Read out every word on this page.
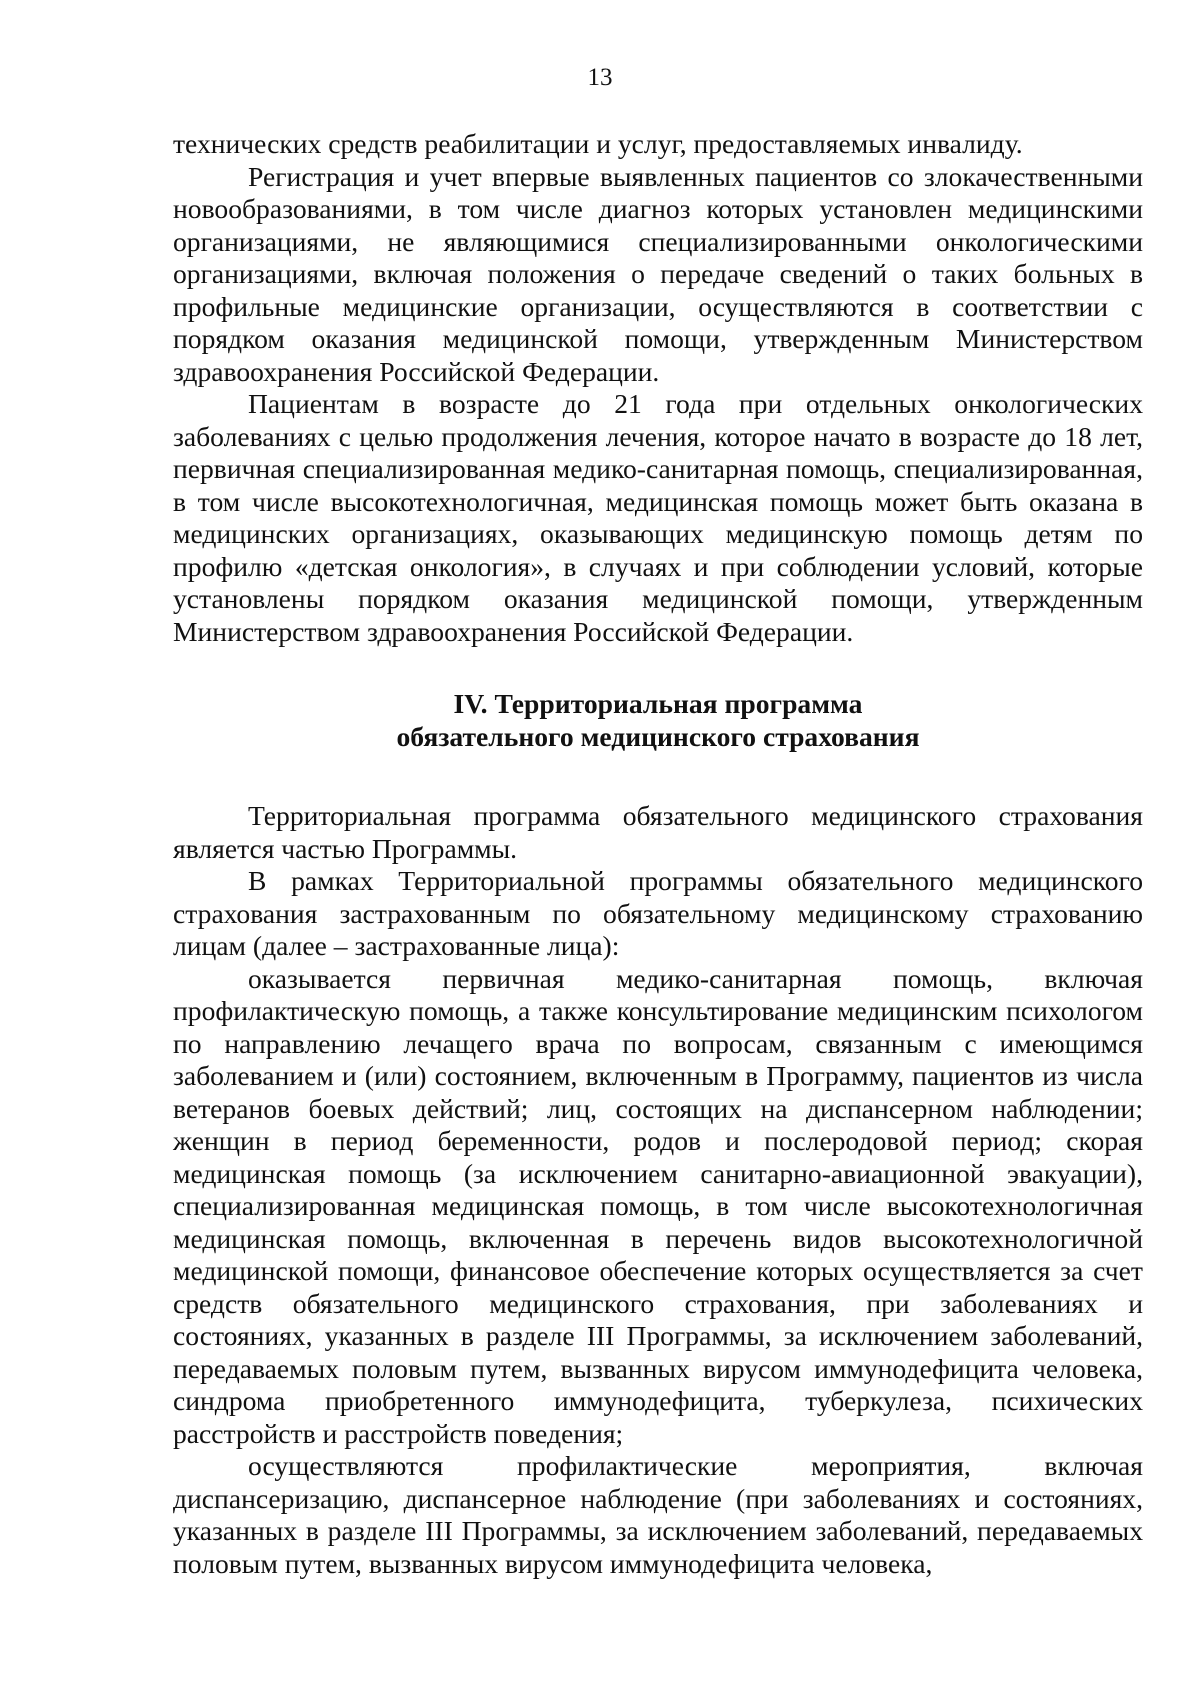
13

технических средств реабилитации и услуг, предоставляемых инвалиду.

Регистрация и учет впервые выявленных пациентов со злокачественными новообразованиями, в том числе диагноз которых установлен медицинскими организациями, не являющимися специализированными онкологическими организациями, включая положения о передаче сведений о таких больных в профильные медицинские организации, осуществляются в соответствии с порядком оказания медицинской помощи, утвержденным Министерством здравоохранения Российской Федерации.

Пациентам в возрасте до 21 года при отдельных онкологических заболеваниях с целью продолжения лечения, которое начато в возрасте до 18 лет, первичная специализированная медико-санитарная помощь, специализированная, в том числе высокотехнологичная, медицинская помощь может быть оказана в медицинских организациях, оказывающих медицинскую помощь детям по профилю «детская онкология», в случаях и при соблюдении условий, которые установлены порядком оказания медицинской помощи, утвержденным Министерством здравоохранения Российской Федерации.

IV. Территориальная программа

обязательного медицинского страхования

Территориальная программа обязательного медицинского страхования является частью Программы.

В рамках Территориальной программы обязательного медицинского страхования застрахованным по обязательному медицинскому страхованию лицам (далее – застрахованные лица):

оказывается первичная медико-санитарная помощь, включая профилактическую помощь, а также консультирование медицинским психологом по направлению лечащего врача по вопросам, связанным с имеющимся заболеванием и (или) состоянием, включенным в Программу, пациентов из числа ветеранов боевых действий; лиц, состоящих на диспансерном наблюдении; женщин в период беременности, родов и послеродовой период; скорая медицинская помощь (за исключением санитарно-авиационной эвакуации), специализированная медицинская помощь, в том числе высокотехнологичная медицинская помощь, включенная в перечень видов высокотехнологичной медицинской помощи, финансовое обеспечение которых осуществляется за счет средств обязательного медицинского страхования, при заболеваниях и состояниях, указанных в разделе III Программы, за исключением заболеваний, передаваемых половым путем, вызванных вирусом иммунодефицита человека, синдрома приобретенного иммунодефицита, туберкулеза, психических расстройств и расстройств поведения;

осуществляются профилактические мероприятия, включая диспансеризацию, диспансерное наблюдение (при заболеваниях и состояниях, указанных в разделе III Программы, за исключением заболеваний, передаваемых половым путем, вызванных вирусом иммунодефицита человека,
